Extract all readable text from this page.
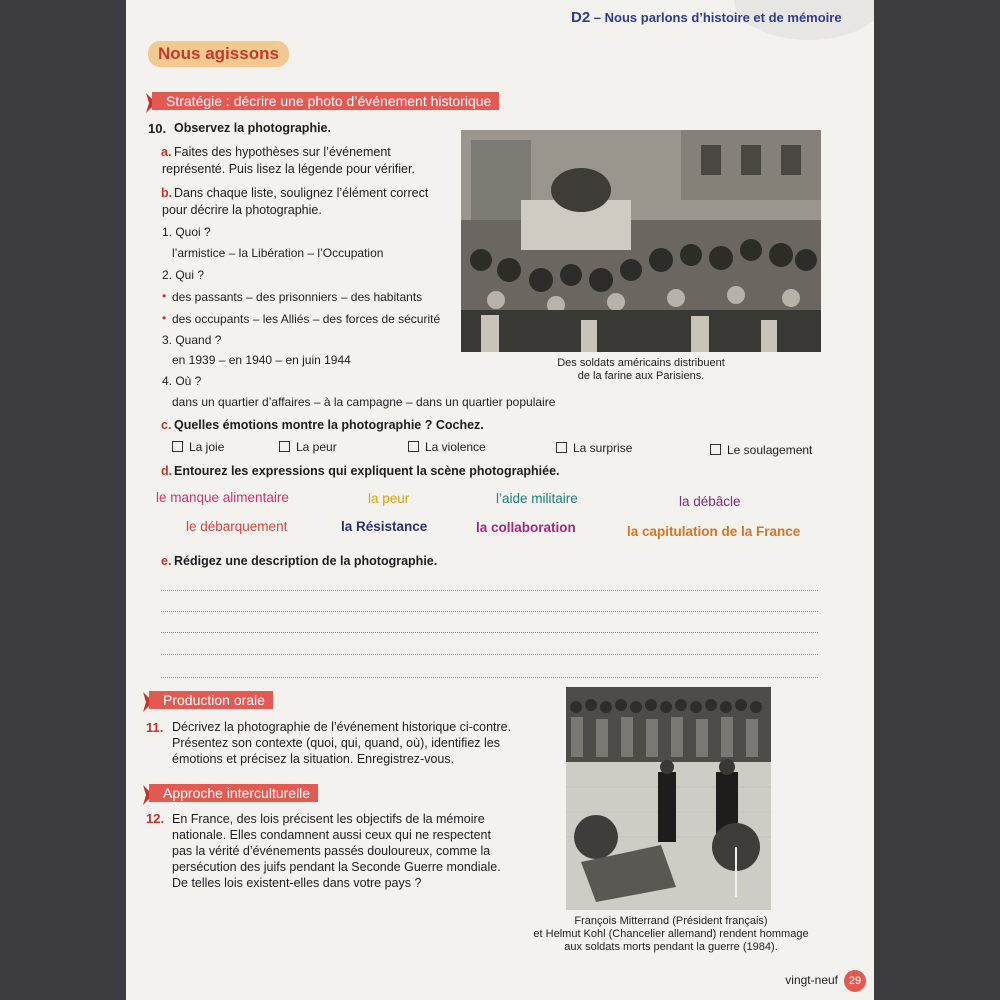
D2 – Nous parlons d’histoire et de mémoire
Nous agissons
Stratégie : décrire une photo d’événement historique
10. Observez la photographie.
a. Faites des hypothèses sur l’événement
représenté. Puis lisez la légende pour vérifier.
b. Dans chaque liste, soulignez l’élément correct
pour décrire la photographie.
1. Quoi ?
l’armistice – la Libération – l’Occupation
2. Qui ?
• des passants – des prisonniers – des habitants
• des occupants – les Alliés – des forces de sécurité
3. Quand ?
en 1939 – en 1940 – en juin 1944
4. Où ?
dans un quartier d’affaires – à la campagne – dans un quartier populaire
Des soldats américains distribuent
de la farine aux Parisiens.
c. Quelles émotions montre la photographie ? Cochez.
La joie	La peur	La violence	La surprise	Le soulagement
d. Entourez les expressions qui expliquent la scène photographiée.
le manque alimentaire	la peur	l’aide militaire	la débâcle
le débarquement	la Résistance	la collaboration	la capitulation de la France
e. Rédigez une description de la photographie.
Production orale
11. Décrivez la photographie de l’événement historique ci-contre.
Présentez son contexte (quoi, qui, quand, où), identifiez les
émotions et précisez la situation. Enregistrez-vous.
Approche interculturelle
12. En France, des lois précisent les objectifs de la mémoire
nationale. Elles condamnent aussi ceux qui ne respectent
pas la vérité d’événements passés douloureux, comme la
persécution des juifs pendant la Seconde Guerre mondiale.
De telles lois existent-elles dans votre pays ?
François Mitterrand (Président français)
et Helmut Kohl (Chancelier allemand) rendent hommage
aux soldats morts pendant la guerre (1984).
vingt-neuf 29
